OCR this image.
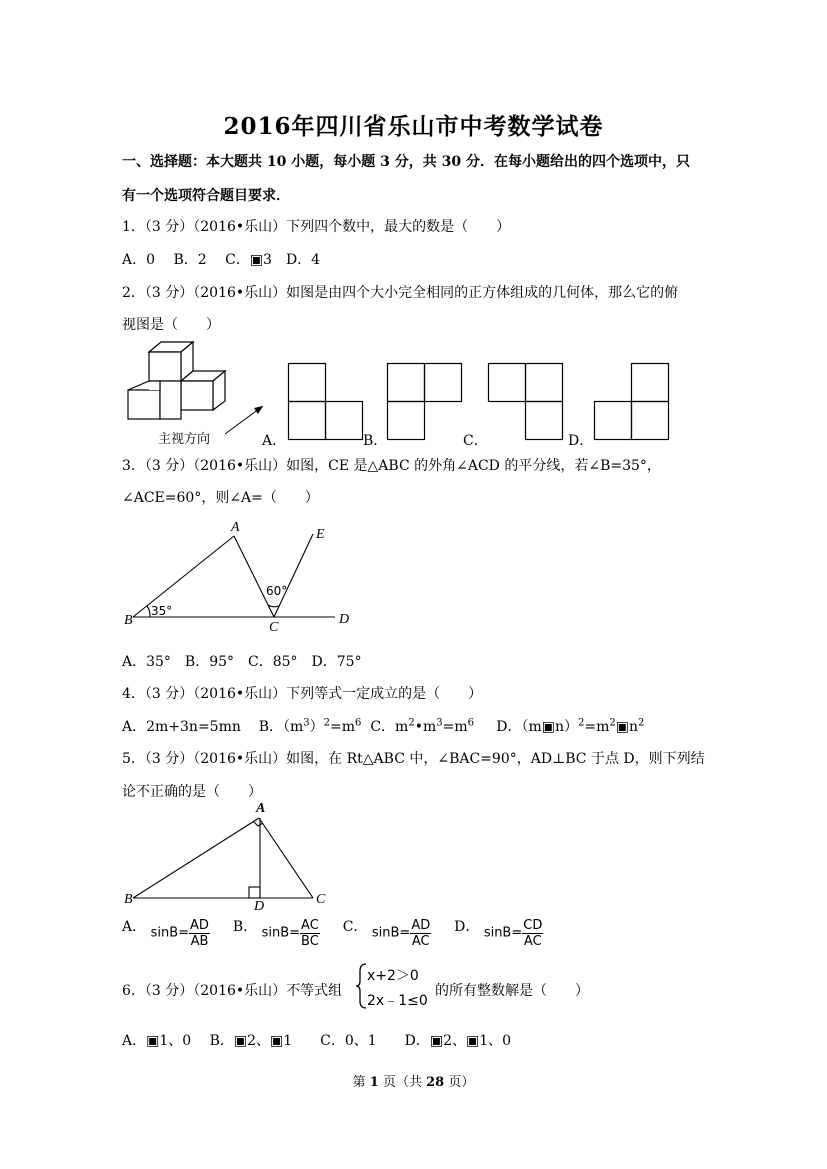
2016年四川省乐山市中考数学试卷
一、选择题：本大题共 10 小题，每小题 3 分，共 30 分．在每小题给出的四个选项中，只
有一个选项符合题目要求．
1．（3 分）（2016•乐山）下列四个数中，最大的数是（　　）
A．0　 B．2　 C．▣3　D．4
2．（3 分）（2016•乐山）如图是由四个大小完全相同的正方体组成的几何体，那么它的俯
视图是（　　）
主视方向	A．	B．	C．	D．
3．（3 分）（2016•乐山）如图，CE 是△ABC 的外角∠ACD 的平分线，若∠B=35°，
∠ACE=60°，则∠A=（　　）
A	E
B	C
D
35°
60°
A．35°　B．95°　C．85°　D．75°
4．（3 分）（2016•乐山）下列等式一定成立的是（　　）
A．2m+3n=5mn B．$(m^3)^2=m^6$ C．$m^2•m^3=m^6$ D．$(m▣n)^2=m^2▣n^2$
5．（3 分）（2016•乐山）如图，在 Rt△ABC 中，∠BAC=90°，AD⊥BC 于点 D，则下列结
论不正确的是（　　）
A
B	D	C
A． $\sin B= \frac{AD}{AB}$ B． $\sin B= \frac{AC}{BC}$ C． $\sin B= \frac{AD}{AC}$ D． $\sin B= \frac{CD}{AC}$
6．（3 分）（2016•乐山）不等式组
x+2＞0
2x﹣1≤0
的所有整数解是（　　）
A．▣1、0　 B．▣2、▣1　　C．0、1　　D．▣2、▣1、0
第 1 页（共 28 页）
